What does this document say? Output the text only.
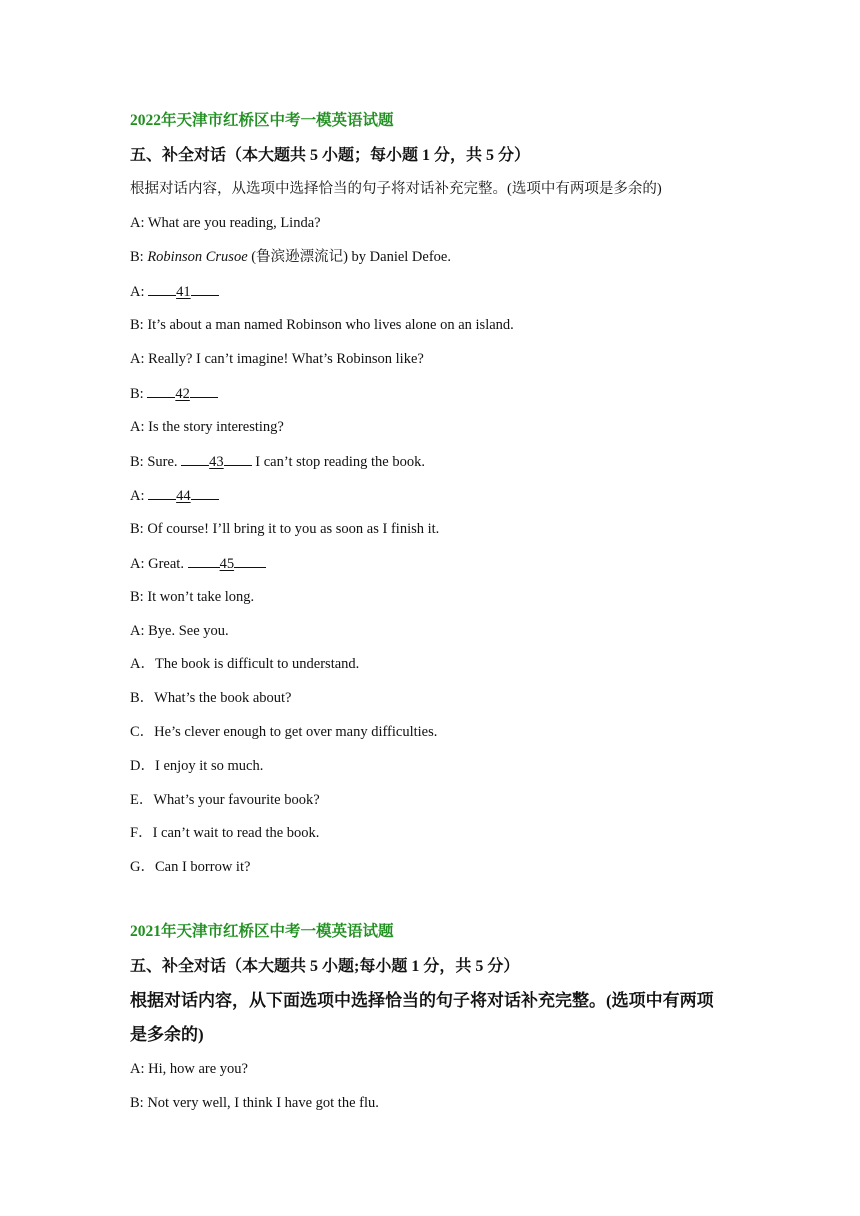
2022年天津市红桥区中考一模英语试题
五、补全对话（本大题共 5 小题；每小题 1 分，共 5 分）
根据对话内容，从选项中选择恰当的句子将对话补充完整。(选项中有两项是多余的)
A: What are you reading, Linda?
B: Robinson Crusoe (鲁滨逊漂流记) by Daniel Defoe.
A: 41
B: It’s about a man named Robinson who lives alone on an island.
A: Really? I can’t imagine! What’s Robinson like?
B: 42
A: Is the story interesting?
B: Sure. 43 I can’t stop reading the book.
A: 44
B: Of course! I’ll bring it to you as soon as I finish it.
A: Great. 45
B: It won’t take long.
A: Bye. See you.
A．The book is difficult to understand.
B．What’s the book about?
C．He’s clever enough to get over many difficulties.
D．I enjoy it so much.
E．What’s your favourite book?
F．I can’t wait to read the book.
G．Can I borrow it?
2021年天津市红桥区中考一模英语试题
五、补全对话（本大题共 5 小题;每小题 1 分，共 5 分）
根据对话内容，从下面选项中选择恰当的句子将对话补充完整。(选项中有两项
是多余的)
A: Hi, how are you?
B: Not very well, I think I have got the flu.
